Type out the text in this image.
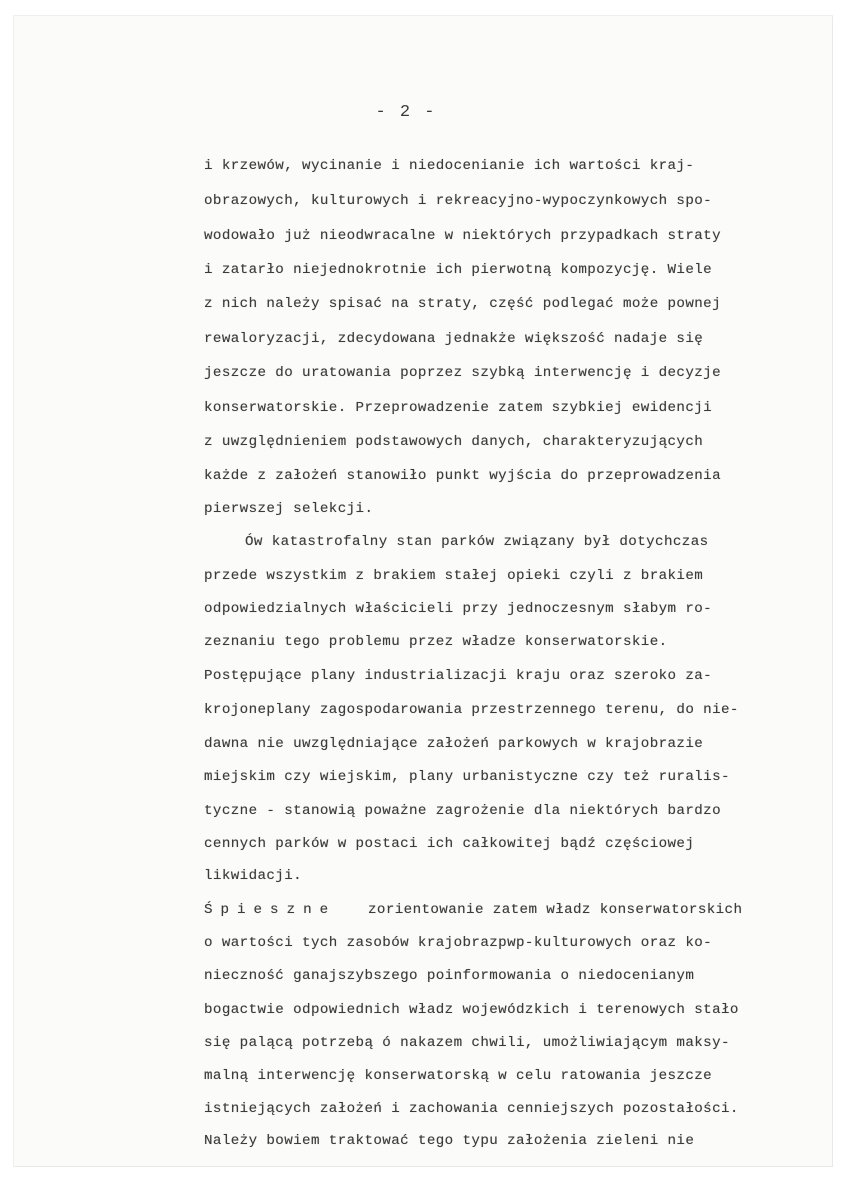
- 2 -
i krzewów, wycinanie i niedocenianie ich wartości kraj-
obrazowych, kulturowych i rekreacyjno-wypoczynkowych spo-
wodowało już nieodwracalne w niektórych przypadkach straty
i zatarło niejednokrotnie ich pierwotną kompozycję. Wiele
z nich należy spisać na straty, część podlegać może pownej
rewaloryzacji, zdecydowana jednakże większość nadaje się
jeszcze do uratowania poprzez szybką interwencję i decyzje
konserwatorskie. Przeprowadzenie zatem szybkiej ewidencji
z uwzględnieniem podstawowych danych, charakteryzujących
każde z założeń stanowiło punkt wyjścia do przeprowadzenia
pierwszej selekcji.
Ów katastrofalny stan parków związany był dotychczas
przede wszystkim z brakiem stałej opieki czyli z brakiem
odpowiedzialnych właścicieli przy jednoczesnym słabym ro-
zeznaniu tego problemu przez władze konserwatorskie.
Postępujące plany industrializacji kraju oraz szeroko za-
krojoneplany zagospodarowania przestrzennego terenu, do nie-
dawna nie uwzględniające założeń parkowych w krajobrazie
miejskim czy wiejskim, plany urbanistyczne czy też ruralis-
tyczne - stanowią poważne zagrożenie dla niektórych bardzo
cennych parków w postaci ich całkowitej bądź częściowej
likwidacji.
Śpieszne zorientowanie zatem władz konserwatorskich
o wartości tych zasobów krajobrazpwp-kulturowych oraz ko-
nieczność ganajszybszego poinformowania o niedocenianym
bogactwie odpowiednich władz wojewódzkich i terenowych stało
się palącą potrzebą ó nakazem chwili, umożliwiającym maksy-
malną interwencję konserwatorską w celu ratowania jeszcze
istniejących założeń i zachowania cenniejszych pozostałości.
Należy bowiem traktować tego typu założenia zieleni nie
